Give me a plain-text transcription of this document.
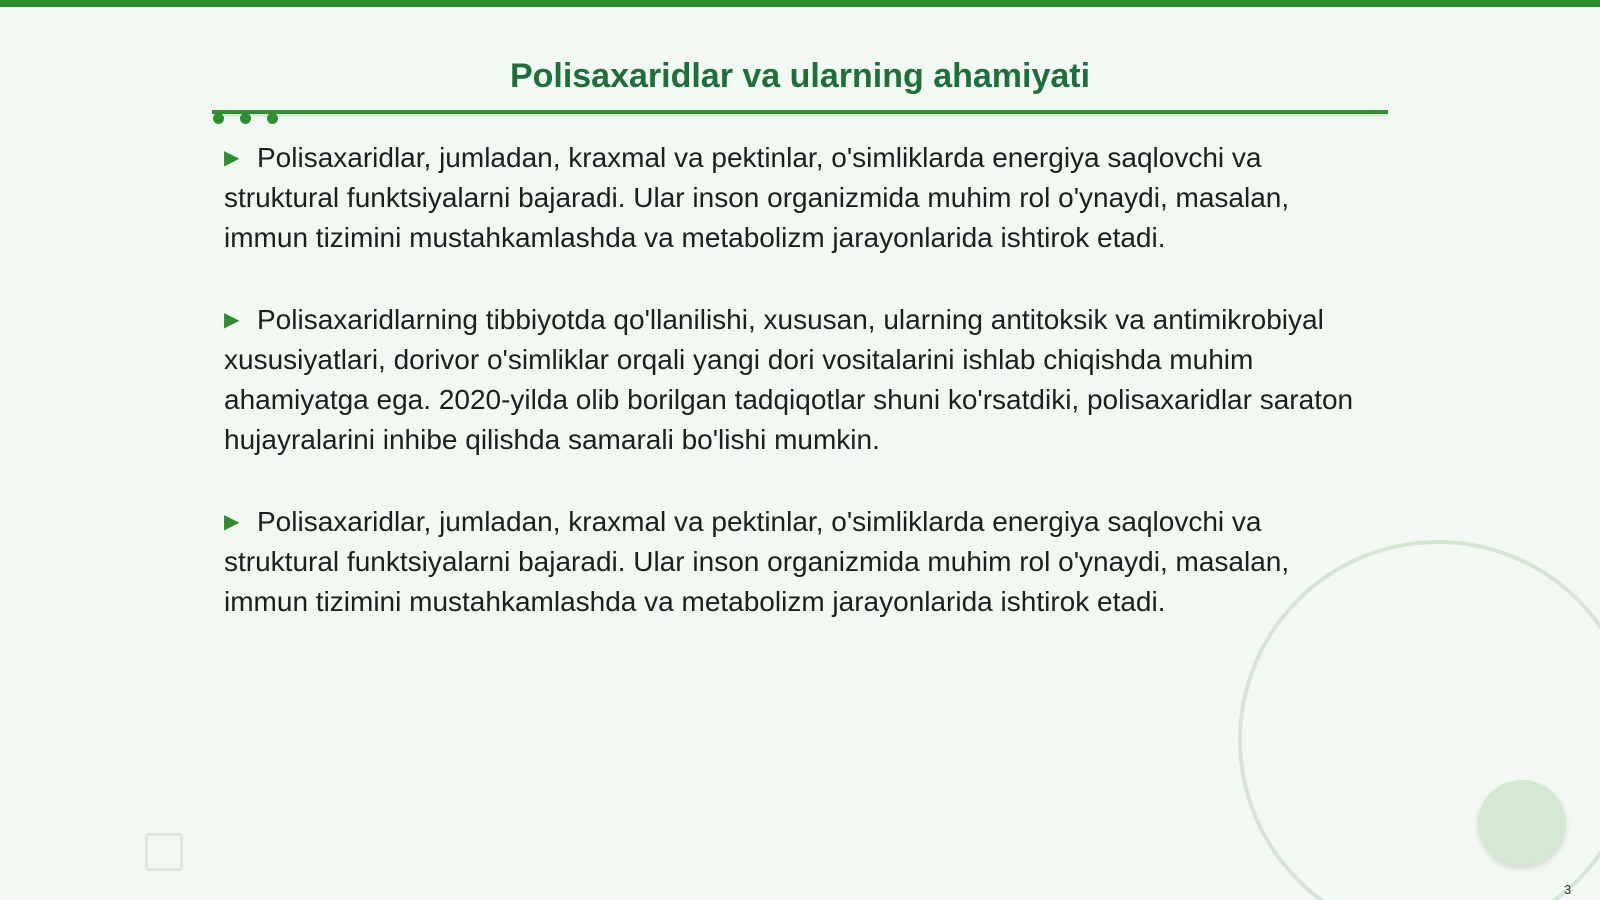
Polisaxaridlar va ularning ahamiyati
▶ Polisaxaridlar, jumladan, kraxmal va pektinlar, o'simliklarda energiya saqlovchi va struktural funktsiyalarni bajaradi. Ular inson organizmida muhim rol o'ynaydi, masalan, immun tizimini mustahkamlashda va metabolizm jarayonlarida ishtirok etadi.
▶ Polisaxaridlarning tibbiyotda qo'llanilishi, xususan, ularning antitoksik va antimikrobiyal xususiyatlari, dorivor o'simliklar orqali yangi dori vositalarini ishlab chiqishda muhim ahamiyatga ega. 2020-yilda olib borilgan tadqiqotlar shuni ko'rsatdiki, polisaxaridlar saraton hujayralarini inhibe qilishda samarali bo'lishi mumkin.
▶ Polisaxaridlar, jumladan, kraxmal va pektinlar, o'simliklarda energiya saqlovchi va struktural funktsiyalarni bajaradi. Ular inson organizmida muhim rol o'ynaydi, masalan, immun tizimini mustahkamlashda va metabolizm jarayonlarida ishtirok etadi.
3
